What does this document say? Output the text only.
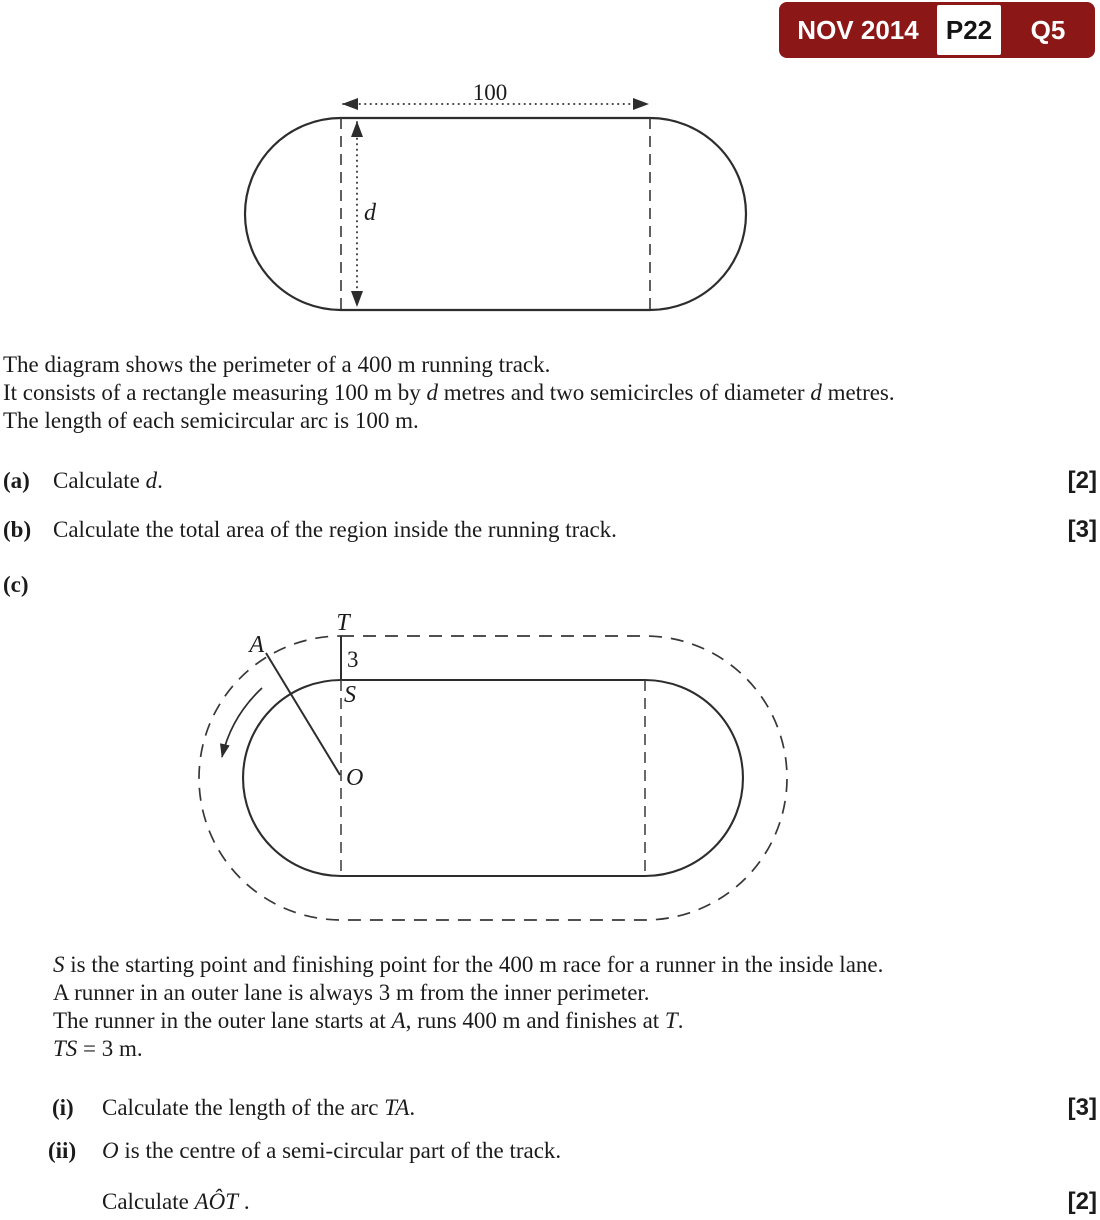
NOV 2014	P22	Q5
100
d
The diagram shows the perimeter of a 400 m running track.
It consists of a rectangle measuring 100 m by d metres and two semicircles of diameter d metres.
The length of each semicircular arc is 100 m.
(a) Calculate d.	[2]
(b) Calculate the total area of the region inside the running track.	[3]
(c)
T
3
S
O
A
S is the starting point and finishing point for the 400 m race for a runner in the inside lane.
A runner in an outer lane is always 3 m from the inner perimeter.
The runner in the outer lane starts at A, runs 400 m and finishes at T.
TS = 3 m.
(i) Calculate the length of the arc TA.	[3]
(ii) O is the centre of a semi-circular part of the track.
Calculate AÔT .	[2]
